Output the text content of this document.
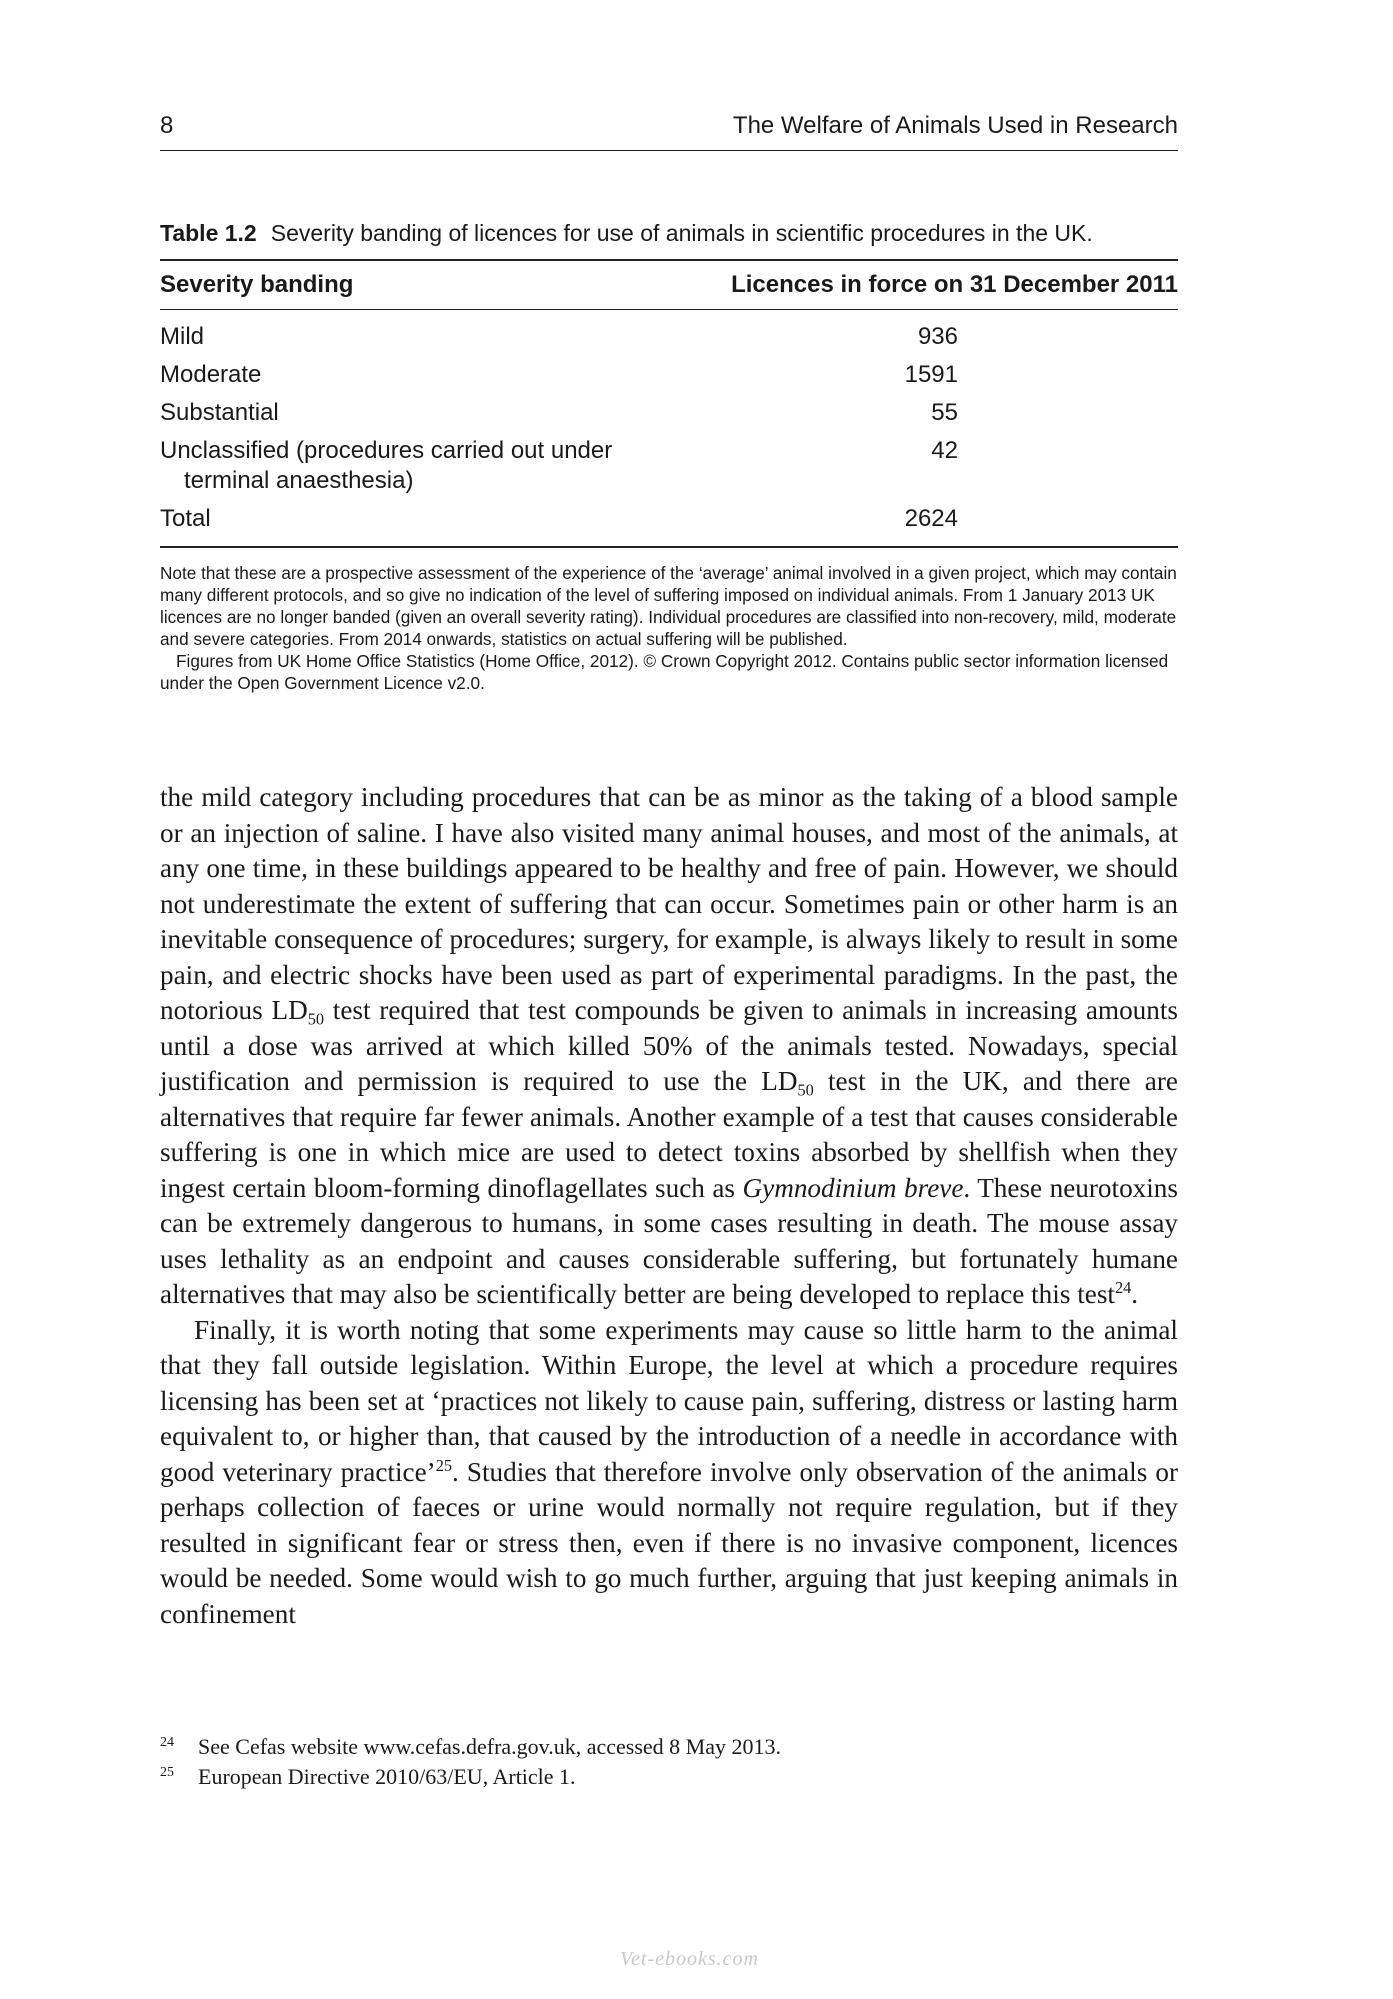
8	The Welfare of Animals Used in Research

Table 1.2 Severity banding of licences for use of animals in scientific procedures in the UK.

Severity banding	Licences in force on 31 December 2011
Mild	936
Moderate	1591
Substantial	55
Unclassified (procedures carried out under
terminal anaesthesia)	42
Total	2624

Note that these are a prospective assessment of the experience of the ‘average’ animal involved in a given project, which may contain many different protocols, and so give no indication of the level of suffering imposed on individual animals. From 1 January 2013 UK licences are no longer banded (given an overall severity rating). Individual procedures are classified into non-recovery, mild, moderate and severe categories. From 2014 onwards, statistics on actual suffering will be published.

Figures from UK Home Office Statistics (Home Office, 2012). © Crown Copyright 2012. Contains public sector information licensed under the Open Government Licence v2.0.

the mild category including procedures that can be as minor as the taking of a blood sample or an injection of saline. I have also visited many animal houses, and most of the animals, at any one time, in these buildings appeared to be healthy and free of pain. However, we should not underestimate the extent of suffering that can occur. Sometimes pain or other harm is an inevitable consequence of procedures; surgery, for example, is always likely to result in some pain, and electric shocks have been used as part of experimental paradigms. In the past, the notorious $LD_{50}$ test required that test compounds be given to animals in increasing amounts until a dose was arrived at which killed 50% of the animals tested. Nowadays, special justification and permission is required to use the $LD_{50}$ test in the UK, and there are alternatives that require far fewer animals. Another example of a test that causes considerable suffering is one in which mice are used to detect toxins absorbed by shellfish when they ingest certain bloom-forming dinoflagellates such as Gymnodinium breve. These neurotoxins can be extremely dangerous to humans, in some cases resulting in death. The mouse assay uses lethality as an endpoint and causes considerable suffering, but fortunately humane alternatives that may also be scientifically better are being developed to replace this test$^{24}$.

Finally, it is worth noting that some experiments may cause so little harm to the animal that they fall outside legislation. Within Europe, the level at which a procedure requires licensing has been set at ‘practices not likely to cause pain, suffering, distress or lasting harm equivalent to, or higher than, that caused by the introduction of a needle in accordance with good veterinary practice’$^{25}$. Studies that therefore involve only observation of the animals or perhaps collection of faeces or urine would normally not require regulation, but if they resulted in significant fear or stress then, even if there is no invasive component, licences would be needed. Some would wish to go much further, arguing that just keeping animals in confinement

24	See Cefas website www.cefas.defra.gov.uk, accessed 8 May 2013.
25	European Directive 2010/63/EU, Article 1.
Vet-ebooks.com
